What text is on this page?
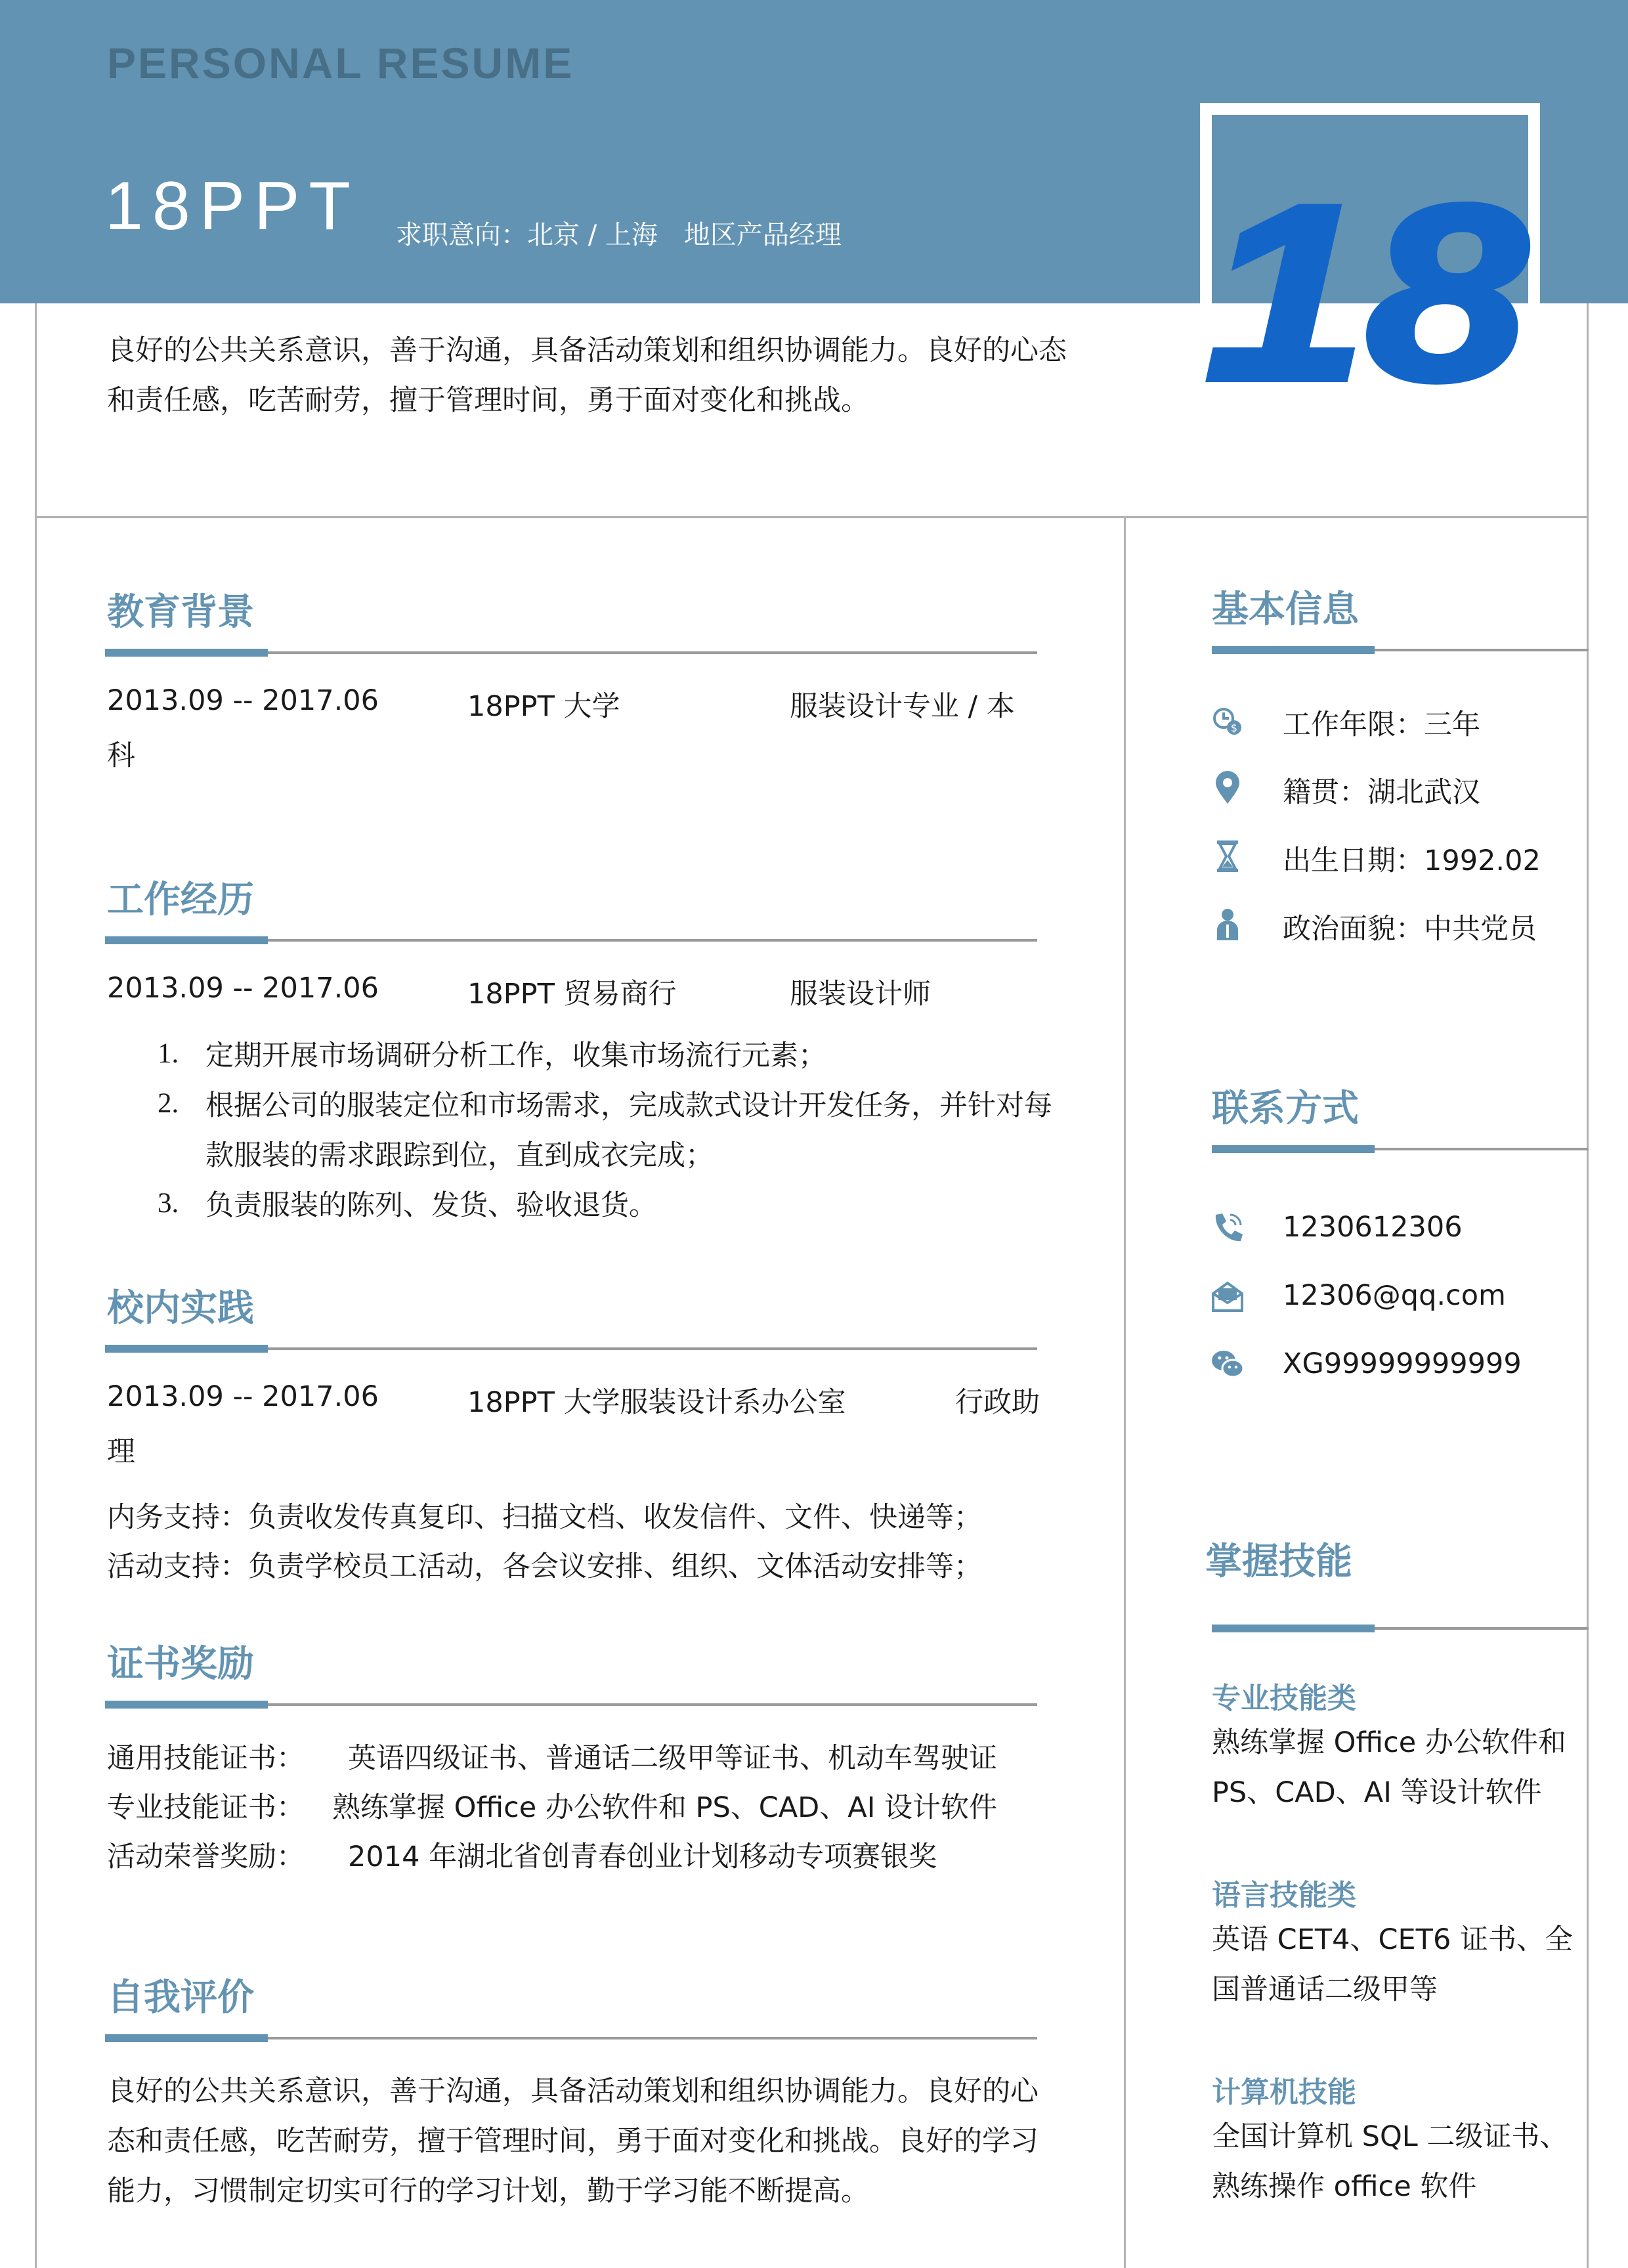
PERSONAL RESUME
18PPT 求职意向：北京 / 上海　地区产品经理 18
良好的公共关系意识，善于沟通，具备活动策划和组织协调能力。良好的心态和责任感，吃苦耐劳，擅于管理时间，勇于面对变化和挑战。
教育背景
2013.09 -- 2017.06	18PPT 大学	服装设计专业 / 本
科
工作经历
2013.09 -- 2017.06	18PPT 贸易商行	服装设计师
1. 定期开展市场调研分析工作，收集市场流行元素；
2. 根据公司的服装定位和市场需求，完成款式设计开发任务，并针对每款服装的需求跟踪到位，直到成衣完成；
3. 负责服装的陈列、发货、验收退货。
校内实践
2013.09 -- 2017.06	18PPT 大学服装设计系办公室	行政助
理
内务支持：负责收发传真复印、扫描文档、收发信件、文件、快递等；
活动支持：负责学校员工活动，各会议安排、组织、文体活动安排等；
证书奖励
通用技能证书： 英语四级证书、普通话二级甲等证书、机动车驾驶证
专业技能证书： 熟练掌握 Office 办公软件和 PS、CAD、AI 设计软件
活动荣誉奖励： 2014 年湖北省创青春创业计划移动专项赛银奖
自我评价
良好的公共关系意识，善于沟通，具备活动策划和组织协调能力。良好的心态和责任感，吃苦耐劳，擅于管理时间，勇于面对变化和挑战。良好的学习能力，习惯制定切实可行的学习计划，勤于学习能不断提高。
基本信息
$ 工作年限：三年
籍贯：湖北武汉
出生日期：1992.02
政治面貌：中共党员
联系方式
1230612306
12306@qq.com
XG99999999999
掌握技能
专业技能类
熟练掌握 Office 办公软件和 PS、CAD、AI 等设计软件
语言技能类
英语 CET4、CET6 证书、全国普通话二级甲等
计算机技能
全国计算机 SQL 二级证书、熟练操作 office 软件
